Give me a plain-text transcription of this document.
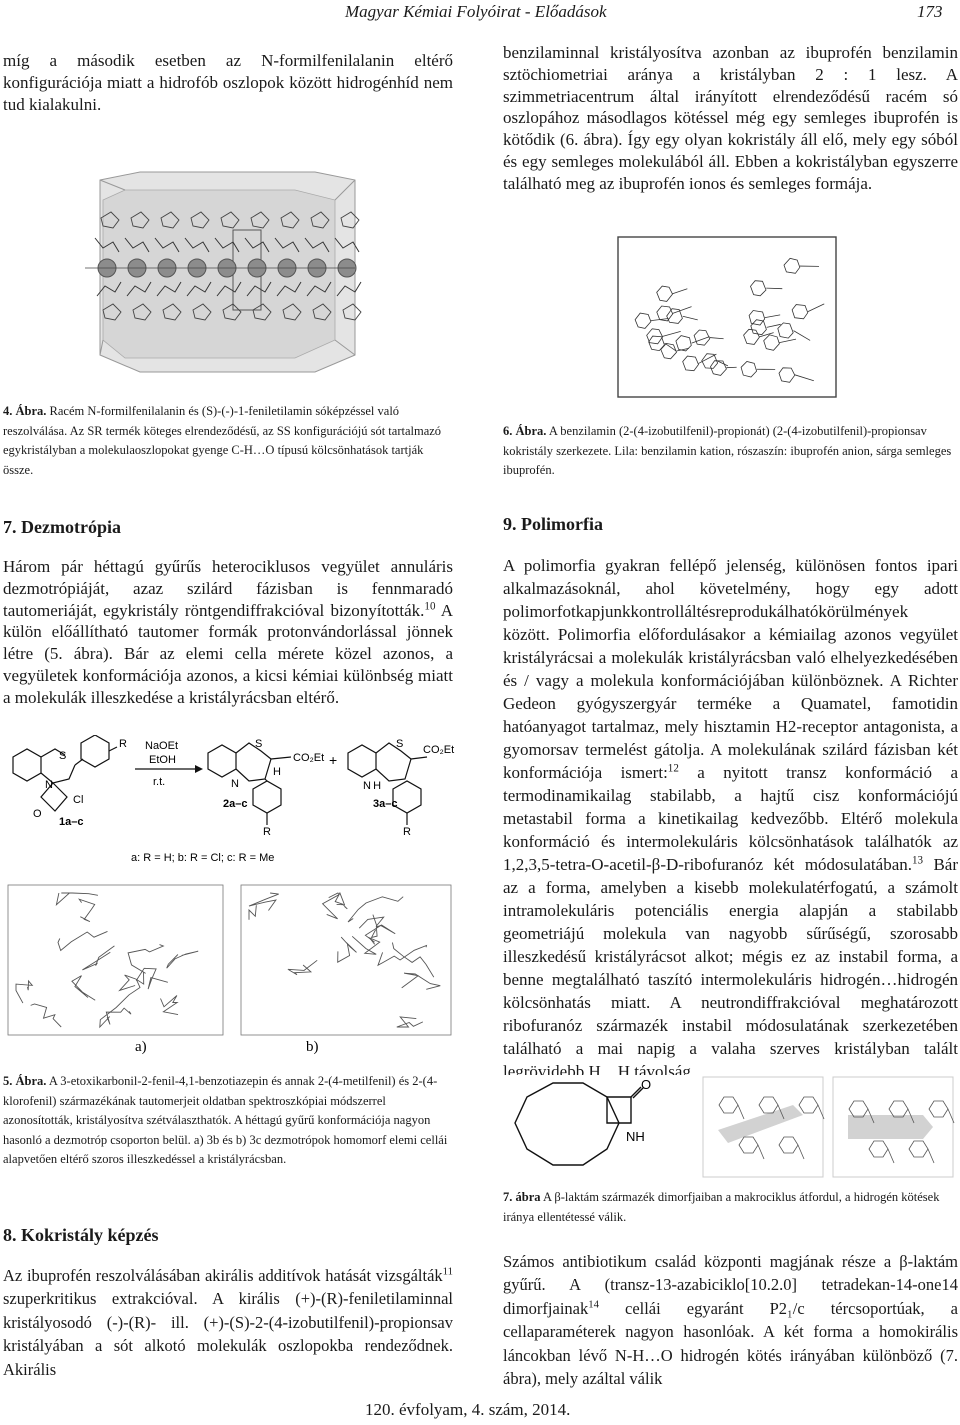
Magyar Kémiai Folyóirat - Előadások	173

míg a második esetben az N-formilfenilalanin eltérő konfigurációja miatt a hidrofób oszlopok között hidrogénhíd nem tud kialakulni.

4. Ábra. Racém N-formilfenilalanin és (S)-(-)-1-feniletilamin sóképzéssel való reszolválása. Az SR termék köteges elrendeződésű, az SS konfigurációjú sót tartalmazó egykristályban a molekulaoszlopokat gyenge C-H…O típusú kölcsönhatások tartják össze.
7. Dezmotrópia

Három pár héttagú gyűrűs heterociklusos vegyület annuláris dezmotrópiáját, azaz szilárd fázisban is fennmaradó tautomeriáját, egykristály röntgendiffrakcióval bizonyították.$^{10}$ A külön előállítható tautomer formák protonvándorlással jönnek létre (5. ábra). Bár az elemi cella mérete közel azonos, a vegyületek konformációja azonos, a kicsi kémiai különbség miatt a molekulák illeszkedése a kristályrácsban eltérő.

S
N
O
Cl
R
1a–c
NaOEt
EtOH
r.t.
S
N
H
CO₂Et
R
2a–c
+
S
N H
CO₂Et
R
3a–c
a: R = H; b: R = Cl; c: R = Me
a)	b)
5. Ábra. A 3-etoxikarbonil-2-fenil-4,1-benzotiazepin és annak 2-(4-metilfenil) és 2-(4-klorofenil) származékának tautomerjeit oldatban spektroszkópiai módszerrel azonosították, kristályosítva szétválaszthatók. A héttagú gyűrű konformációja nagyon hasonló a dezmotróp csoporton belül. a) 3b és b) 3c dezmotrópok homomorf elemi cellái alapvetően eltérő szoros illeszkedéssel a kristályrácsban.
8. Kokristály képzés

Az ibuprofén reszolválásában akirális additívok hatását vizsgálták$^{11}$ szuperkritikus extrakcióval. A királis (+)-(R)-feniletilaminnal kristályosodó (-)-(R)- ill. (+)-(S)-2-(4-izobutilfenil)-propionsav kristályában a sót alkotó molekulák oszlopokba rendeződnek. Akirális

benzilaminnal kristályosítva azonban az ibuprofén benzilamin sztöchiometriai aránya a kristályban 2 : 1 lesz. A szimmetriacentrum által irányított elrendeződésű racém só oszlopához másodlagos kötéssel még egy semleges ibuprofén is kötődik (6. ábra). Így egy olyan kokristály áll elő, mely egy sóból és egy semleges molekulából áll. Ebben a kokristályban egyszerre található meg az ibuprofén ionos és semleges formája.

6. Ábra. A benzilamin (2-(4-izobutilfenil)-propionát) (2-(4-izobutilfenil)-propionsav kokristály szerkezete. Lila: benzilamin kation, rószaszín: ibuprofén anion, sárga semleges ibuprofén.
9. Polimorfia

A polimorfia gyakran fellépő jelenség, különösen fontos ipari alkalmazásoknál, ahol követelmény, hogy egy adott polimorfotkapjunkkontrolláltésreprodukálhatókörülmények között. Polimorfia előfordulásakor a kémiailag azonos vegyület kristályrácsai a molekulák kristályrácsban való elhelyezkedésében és / vagy a molekula konformációjában különböznek. A Richter Gedeon gyógyszergyár terméke a Quamatel, famotidin hatóanyagot tartalmaz, mely hisztamin H2-receptor antagonista, a gyomorsav termelést gátolja. A molekulának szilárd fázisban két konformációja ismert:$^{12}$ a nyitott transz konformáció a termodinamikailag stabilabb, a hajtű cisz konformációjú metastabil forma a kinetikailag kedvezőbb. Eltérő molekula konformáció és intermolekuláris kölcsönhatások találhatók az 1,2,3,5-tetra-O-acetil-β-D-ribofuranóz két módosulatában.$^{13}$ Bár az a forma, amelyben a kisebb molekulatérfogatú, a számolt intramolekuláris potenciális energia alapján a stabilabb geometriájú molekula van nagyobb sűrűségű, szorosabb illeszkedésű kristályrácsot alkot; mégis ez az instabil forma, a benne megtalálható taszító intermolekuláris hidrogén…hidrogén kölcsönhatás miatt. A neutrondiffrakcióval meghatározott ribofuranóz származék instabil módosulatának szerkezetében található a mai napig a valaha szerves kristályban talált legrövidebb H…H távolság.

O
NH
7. ábra A β-laktám származék dimorfjaiban a makrociklus átfordul, a hidrogén kötések iránya ellentétessé válik.

Számos antibiotikum család központi magjának része a β-laktám gyűrű. A (transz-13-azabiciklo[10.2.0] tetradekan-14-one14 dimorfjainak$^{14}$ cellái egyaránt P2₁/c tércsoportúak, a cellaparaméterek nagyon hasonlóak. A két forma a homokirális láncokban lévő N-H…O hidrogén kötés irányában különböző (7. ábra), mely azáltal válik

120. évfolyam, 4. szám, 2014.
